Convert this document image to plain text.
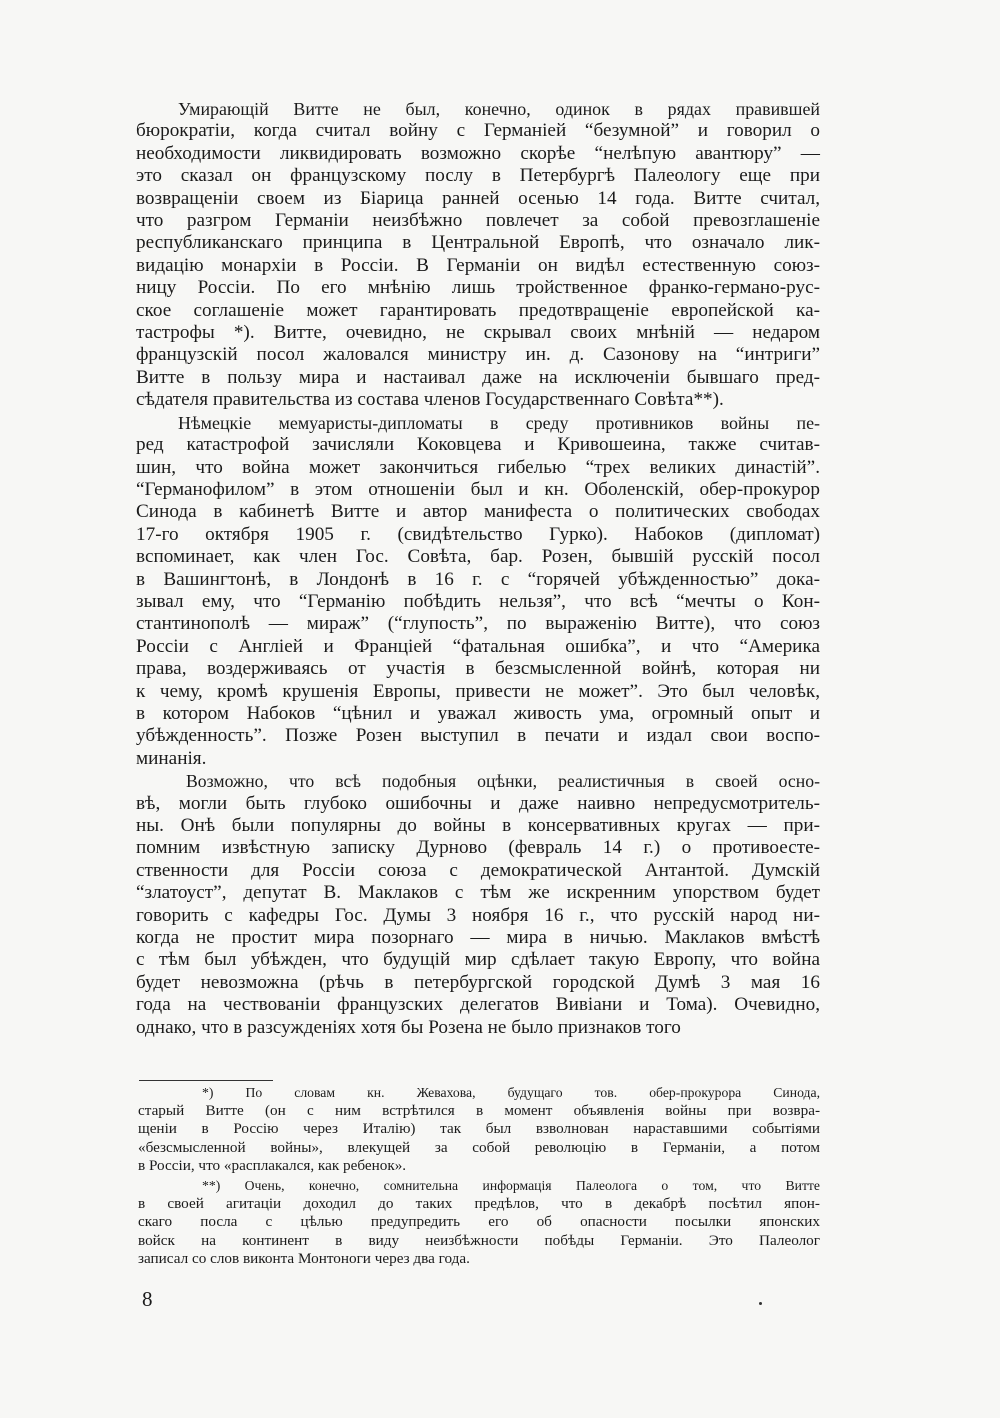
Умирающій Витте не был, конечно, одинок в рядах правившей
бюрократіи, когда считал войну с Германіей “безумной” и говорил о
необходимости ликвидировать возможно скорѣе “нелѣпую авантюру” —
это сказал он французскому послу в Петербургѣ Палеологу еще при
возвращеніи своем из Біарица ранней осенью 14 года. Витте считал,
что разгром Германіи неизбѣжно повлечет за собой превозглашеніе
республиканскаго принципа в Центральной Европѣ, что означало лик-
видацію монархіи в Россіи. В Германіи он видѣл естественную союз-
ницу Россіи. По его мнѣнію лишь тройственное франко-германо-рус-
ское соглашеніе может гарантировать предотвращеніе европейской ка-
тастрофы *). Витте, очевидно, не скрывал своих мнѣній — недаром
французскій посол жаловался министру ин. д. Сазонову на “интриги”
Витте в пользу мира и настаивал даже на исключеніи бывшаго пред-
сѣдателя правительства из состава членов Государственнаго Совѣта**).

Нѣмецкіе мемуаристы-дипломаты в среду противников войны пе-
ред катастрофой зачисляли Коковцева и Кривошеина, также считав-
шин, что война может закончиться гибелью “трех великих династій”.
“Германофилом” в этом отношеніи был и кн. Оболенскій, обер-прокурор
Синода в кабинетѣ Витте и автор манифеста о политических свободах
17-го октября 1905 г. (свидѣтельство Гурко). Набоков (дипломат)
вспоминает, как член Гос. Совѣта, бар. Розен, бывшій русскій посол
в Вашингтонѣ, в Лондонѣ в 16 г. с “горячей убѣжденностью” дока-
зывал ему, что “Германію побѣдить нельзя”, что всѣ “мечты о Кон-
стантинополѣ — мираж” (“глупость”, по выраженію Витте), что союз
Россіи с Англіей и Франціей “фатальная ошибка”, и что “Америка
права, воздерживаясь от участія в безсмысленной войнѣ, которая ни
к чему, кромѣ крушенія Европы, привести не может”. Это был человѣк,
в котором Набоков “цѣнил и уважал живость ума, огромный опыт и
убѣжденность”. Позже Розен выступил в печати и издал свои воспо-
минанія.

Возможно, что всѣ подобныя оцѣнки, реалистичныя в своей осно-
вѣ, могли быть глубоко ошибочны и даже наивно непредусмотритель-
ны. Онѣ были популярны до войны в консервативных кругах — при-
помним извѣстную записку Дурново (февраль 14 г.) о противоесте-
ственности для Россіи союза с демократической Антантой. Думскій
“златоуст”, депутат В. Маклаков с тѣм же искренним упорством будет
говорить с кафедры Гос. Думы 3 ноября 16 г., что русскій народ ни-
когда не простит мира позорнаго — мира в ничью. Маклаков вмѣстѣ
с тѣм был убѣжден, что будущій мир сдѣлает такую Европу, что война
будет невозможна (рѣчь в петербургской городской Думѣ 3 мая 16
года на чествованіи французских делегатов Вивіани и Тома). Очевидно,
однако, что в разсужденіях хотя бы Розена не было признаков того

*) По словам кн. Жевахова, будущаго тов. обер-прокурора Синода,
старый Витте (он с ним встрѣтился в момент объявленія войны при возвра-
щеніи в Россію через Италію) так был взволнован нараставшими событіями
«безсмысленной войны», влекущей за собой революцію в Германіи, а потом
в Россіи, что «расплакался, как ребенок».
**) Очень, конечно, сомнительна информація Палеолога о том, что Витте
в своей агитаціи доходил до таких предѣлов, что в декабрѣ посѣтил япон-
скаго посла с цѣлью предупредить его об опасности посылки японских
войск на континент в виду неизбѣжности побѣды Германіи. Это Палеолог
записал со слов виконта Монтоноги через два года.
8
